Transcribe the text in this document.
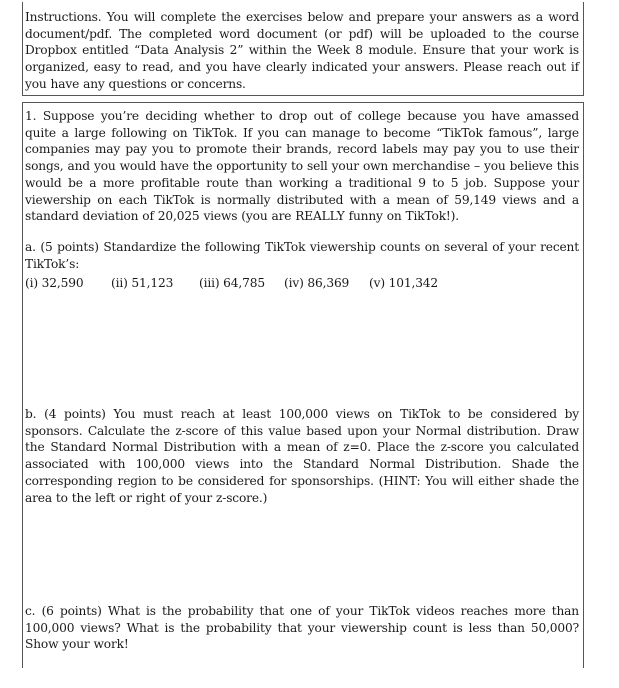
Instructions. You will complete the exercises below and prepare your answers as a word document/pdf. The completed word document (or pdf) will be uploaded to the course Dropbox entitled “Data Analysis 2” within the Week 8 module. Ensure that your work is organized, easy to read, and you have clearly indicated your answers. Please reach out if you have any questions or concerns.

1. Suppose you’re deciding whether to drop out of college because you have amassed quite a large following on TikTok. If you can manage to become “TikTok famous”, large companies may pay you to promote their brands, record labels may pay you to use their songs, and you would have the opportunity to sell your own merchandise – you believe this would be a more profitable route than working a traditional 9 to 5 job. Suppose your viewership on each TikTok is normally distributed with a mean of 59,149 views and a standard deviation of 20,025 views (you are REALLY funny on TikTok!).

a. (5 points) Standardize the following TikTok viewership counts on several of your recent TikTok’s:

(i) 32,590 (ii) 51,123 (iii) 64,785 (iv) 86,369 (v) 101,342

b. (4 points) You must reach at least 100,000 views on TikTok to be considered by sponsors. Calculate the z-score of this value based upon your Normal distribution. Draw the Standard Normal Distribution with a mean of z=0. Place the z-score you calculated associated with 100,000 views into the Standard Normal Distribution. Shade the corresponding region to be considered for sponsorships. (HINT: You will either shade the area to the left or right of your z-score.)

c. (6 points) What is the probability that one of your TikTok videos reaches more than 100,000 views? What is the probability that your viewership count is less than 50,000? Show your work!
